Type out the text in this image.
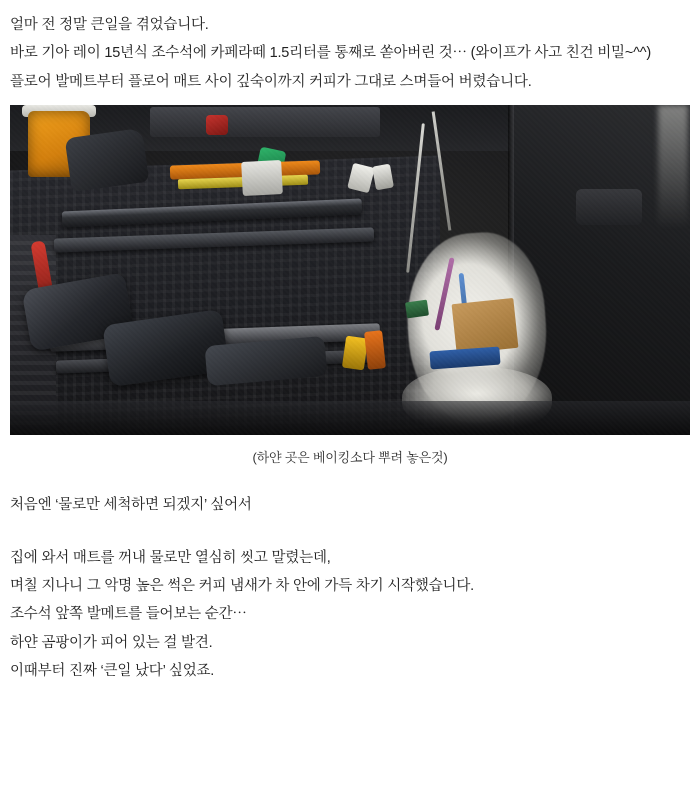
얼마 전 정말 큰일을 겪었습니다.

바로 기아 레이 15년식 조수석에 카페라떼 1.5리터를 통째로 쏟아버린 것⋯ (와이프가 사고 친건 비밀~^^)

플로어 발메트부터 플로어 매트 사이 깊숙이까지 커피가 그대로 스며들어 버렸습니다.

(하얀 곳은 베이킹소다 뿌려 놓은것)

처음엔 ‘물로만 세척하면 되겠지’ 싶어서

집에 와서 매트를 꺼내 물로만 열심히 씻고 말렸는데,

며칠 지나니 그 악명 높은 썩은 커피 냄새가 차 안에 가득 차기 시작했습니다.

조수석 앞쪽 발메트를 들어보는 순간⋯

하얀 곰팡이가 피어 있는 걸 발견.

이때부터 진짜 ‘큰일 났다’ 싶었죠.
